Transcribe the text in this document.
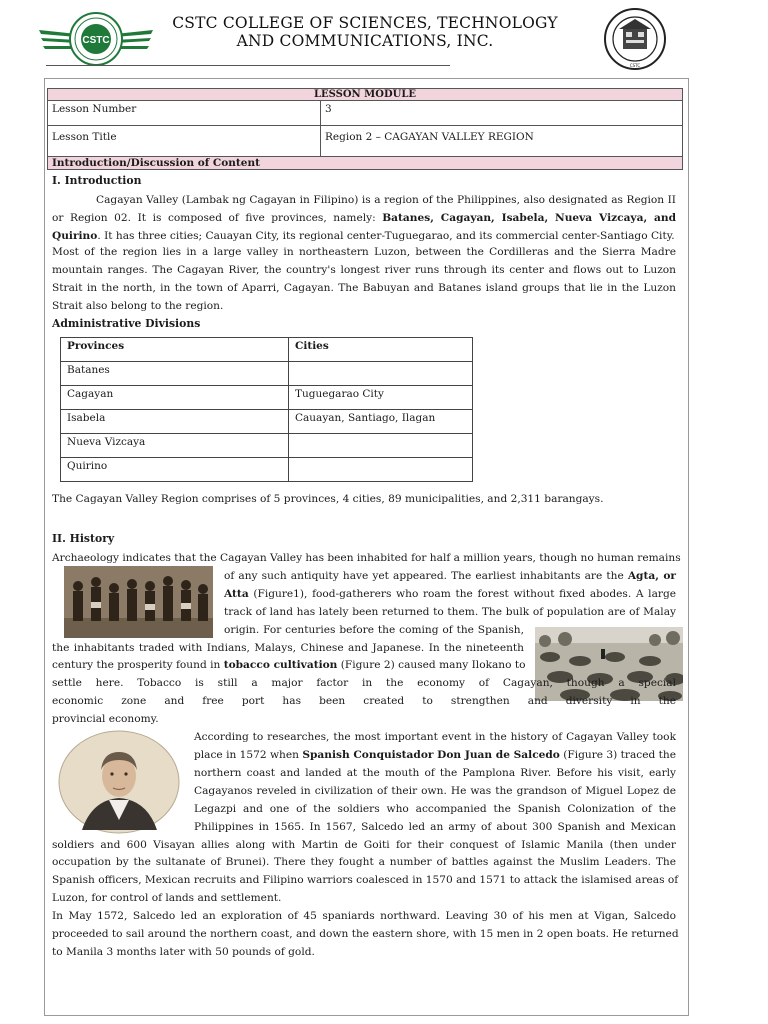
CSTC
CSTC COLLEGE OF SCIENCES, TECHNOLOGY
AND COMMUNICATIONS, INC.
CSTC
LESSON MODULE	
Lesson Number	3
Lesson Title	Region 2 – CAGAYAN VALLEY REGION
Introduction/Discussion of Content	
I. Introduction
Cagayan Valley (Lambak ng Cagayan in Filipino) is a region of the Philippines, also designated as Region II or Region 02. It is composed of five provinces, namely: Batanes, Cagayan, Isabela, Nueva Vizcaya, and Quirino. It has three cities; Cauayan City, its regional center-Tuguegarao, and its commercial center-Santiago City.
Most of the region lies in a large valley in northeastern Luzon, between the Cordilleras and the Sierra Madre mountain ranges. The Cagayan River, the country's longest river runs through its center and flows out to Luzon Strait in the north, in the town of Aparri, Cagayan. The Babuyan and Batanes island groups that lie in the Luzon Strait also belong to the region.
Administrative Divisions
Provinces	Cities
Batanes	
Cagayan	Tuguegarao City
Isabela	Cauayan, Santiago, Ilagan
Nueva Vizcaya	
Quirino	
The Cagayan Valley Region comprises of 5 provinces, 4 cities, 89 municipalities, and 2,311 barangays.
II. History
Archaeology indicates that the Cagayan Valley has been inhabited for half a million years, though no human remains
of any such antiquity have yet appeared. The earliest inhabitants are the Agta, or
Atta (Figure1), food-gatherers who roam the forest without fixed abodes. A large
track of land has lately been returned to them. The bulk of population are of Malay
origin. For centuries before the coming of the Spanish,
the inhabitants traded with Indians, Malays, Chinese and Japanese. In the nineteenth
century the prosperity found in tobacco cultivation (Figure 2) caused many Ilokano to
settle here. Tobacco is still a major factor in the economy of Cagayan, though a special
economic zone and free port has been created to strengthen and diversity in the
provincial economy.
According to researches, the most important event in the history of Cagayan Valley took
place in 1572 when Spanish Conquistador Don Juan de Salcedo (Figure 3) traced the
northern coast and landed at the mouth of the Pamplona River. Before his visit, early
Cagayanos reveled in civilization of their own. He was the grandson of Miguel Lopez de
Legazpi and one of the soldiers who accompanied the Spanish Colonization of the
Philippines in 1565. In 1567, Salcedo led an army of about 300 Spanish and Mexican
soldiers and 600 Visayan allies along with Martin de Goiti for their conquest of Islamic Manila (then under
occupation by the sultanate of Brunei). There they fought a number of battles against the Muslim Leaders. The
Spanish officers, Mexican recruits and Filipino warriors coalesced in 1570 and 1571 to attack the islamised areas of
Luzon, for control of lands and settlement.
In May 1572, Salcedo led an exploration of 45 spaniards northward. Leaving 30 of his men at Vigan, Salcedo
proceeded to sail around the northern coast, and down the eastern shore, with 15 men in 2 open boats. He returned
to Manila 3 months later with 50 pounds of gold.
